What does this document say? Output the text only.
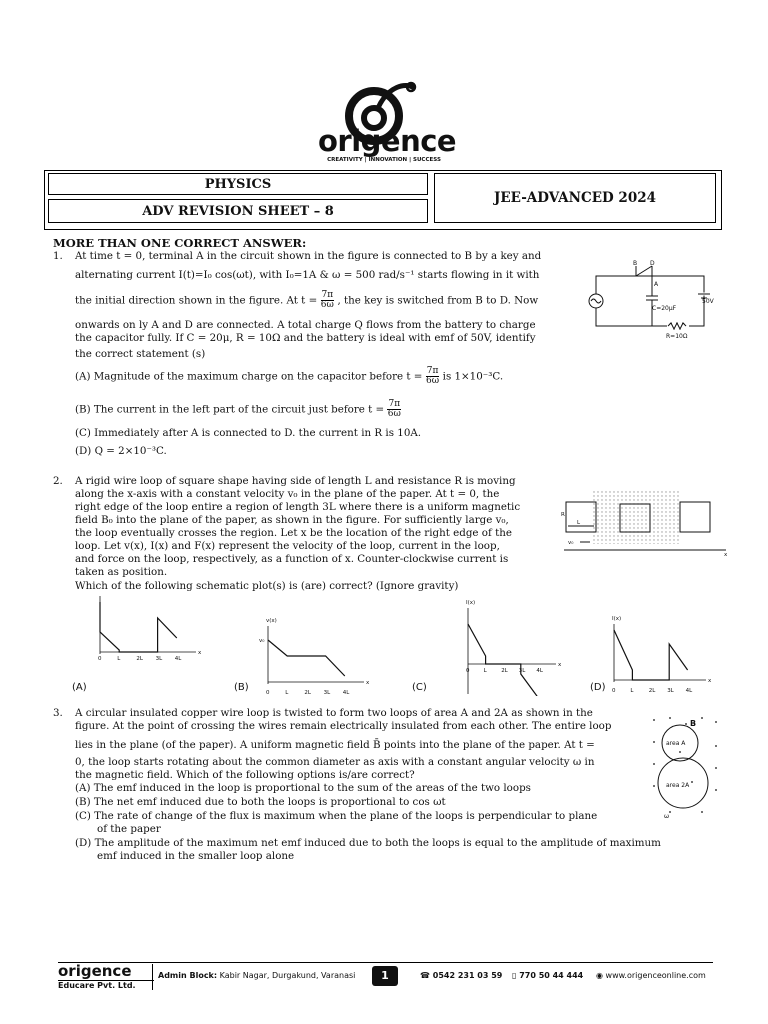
origence
CREATIVITY | INNOVATION | SUCCESS
PHYSICS
ADV REVISION SHEET – 8
JEE-ADVANCED 2024
MORE THAN ONE CORRECT ANSWER:
1. At time t = 0, terminal A in the circuit shown in the figure is connected to B by a key and
alternating current I(t)=I₀ cos(ωt), with I₀=1A & ω = 500 rad/s⁻¹ starts flowing in it with
the initial direction shown in the figure. At $t = \frac{7\pi}{6\omega}$ , the key is switched from B to D. Now
onwards on ly A and D are connected. A total charge Q flows from the battery to charge
the capacitor fully. If C = 20μ, R = 10Ω and the battery is ideal with emf of 50V, identify
the correct statement (s)
(A) Magnitude of the maximum charge on the capacitor before $t = \frac{7\pi}{6\omega}$ is 1×10⁻³C.
(B) The current in the left part of the circuit just before $t = \frac{7\pi}{6\omega}$
(C) Immediately after A is connected to D. the current in R is 10A.
(D) Q = 2×10⁻³C.
B D
A
C=20μF
50V
R=10Ω
2. A rigid wire loop of square shape having side of length L and resistance R is moving
along the x-axis with a constant velocity v₀ in the plane of the paper. At t = 0, the
right edge of the loop entire a region of length 3L where there is a uniform magnetic
field B₀ into the plane of the paper, as shown in the figure. For sufficiently large v₀,
the loop eventually crosses the region. Let x be the location of the right edge of the
loop. Let v(x), I(x) and F(x) represent the velocity of the loop, current in the loop,
and force on the loop, respectively, as a function of x. Counter-clockwise current is
taken as position.
Which of the following schematic plot(s) is (are) correct? (Ignore gravity)
R
L
v₀
x
x
0	L	2L 3L 4L
(A)
v(x)
x
v₀
0	L	2L 3L 4L
(B)
I(x)
x
0	L	2L 3L 4L
(C)
I(x)
x
0	L	2L 3L 4L
(D)
3. A circular insulated copper wire loop is twisted to form two loops of area A and 2A as shown in the
figure. At the point of crossing the wires remain electrically insulated from each other. The entire loop
lies in the plane (of the paper). A uniform magnetic field B̄ points into the plane of the paper. At t =
0, the loop starts rotating about the common diameter as axis with a constant angular velocity ω in
the magnetic field. Which of the following options is/are correct?
(A) The emf induced in the loop is proportional to the sum of the areas of the two loops
(B) The net emf induced due to both the loops is proportional to cos ωt
(C) The rate of change of the flux is maximum when the plane of the loops is perpendicular to plane
of the paper
(D) The amplitude of the maximum net emf induced due to both the loops is equal to the amplitude of maximum
emf induced in the smaller loop alone
B
area A
area 2A
ω
origence
Educare Pvt. Ltd.
Admin Block: Kabir Nagar, Durgakund, Varanasi	1	☎ 0542 231 03 59 ▯ 770 50 44 444 ◉ www.origenceonline.com
